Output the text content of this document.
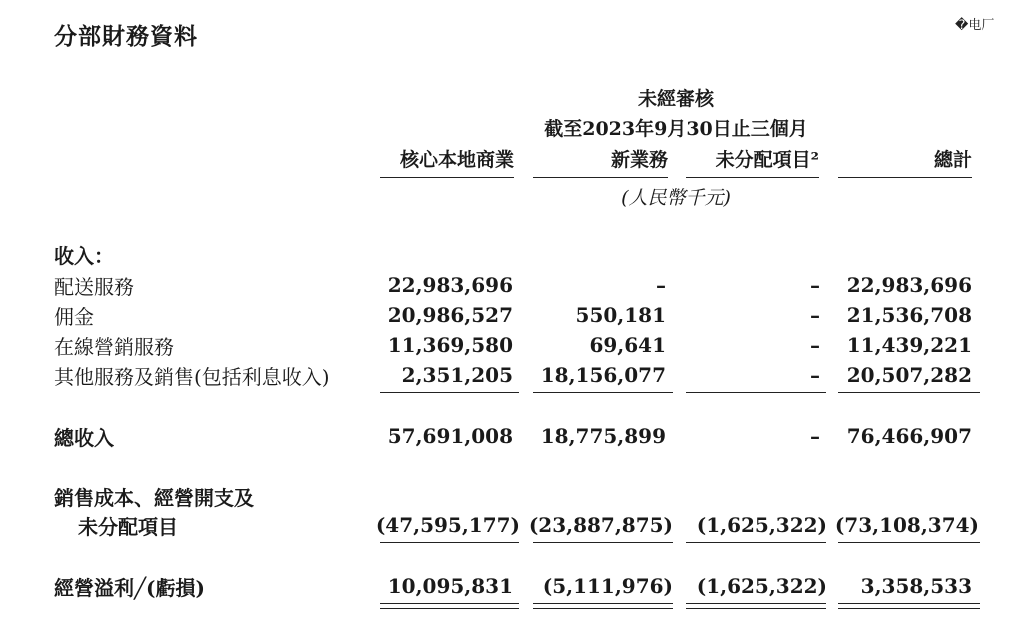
分部財務資料	�电厂
未經審核
截至2023年9月30日止三個月
核心本地商業	新業務	未分配項目²	總計
(人民幣千元)
收入：
配送服務	22,983,696	–	– 22,983,696
佣金	20,986,527	550,181	– 21,536,708
在線營銷服務	11,369,580	69,641	– 11,439,221
其他服務及銷售(包括利息收入)	2,351,205 18,156,077	– 20,507,282
總收入	57,691,008 18,775,899	– 76,466,907
銷售成本、經營開支及
未分配項目	(47,595,177) (23,887,875) (1,625,322) (73,108,374)
經營溢利╱(虧損)	10,095,831 (5,111,976) (1,625,322) 3,358,533
